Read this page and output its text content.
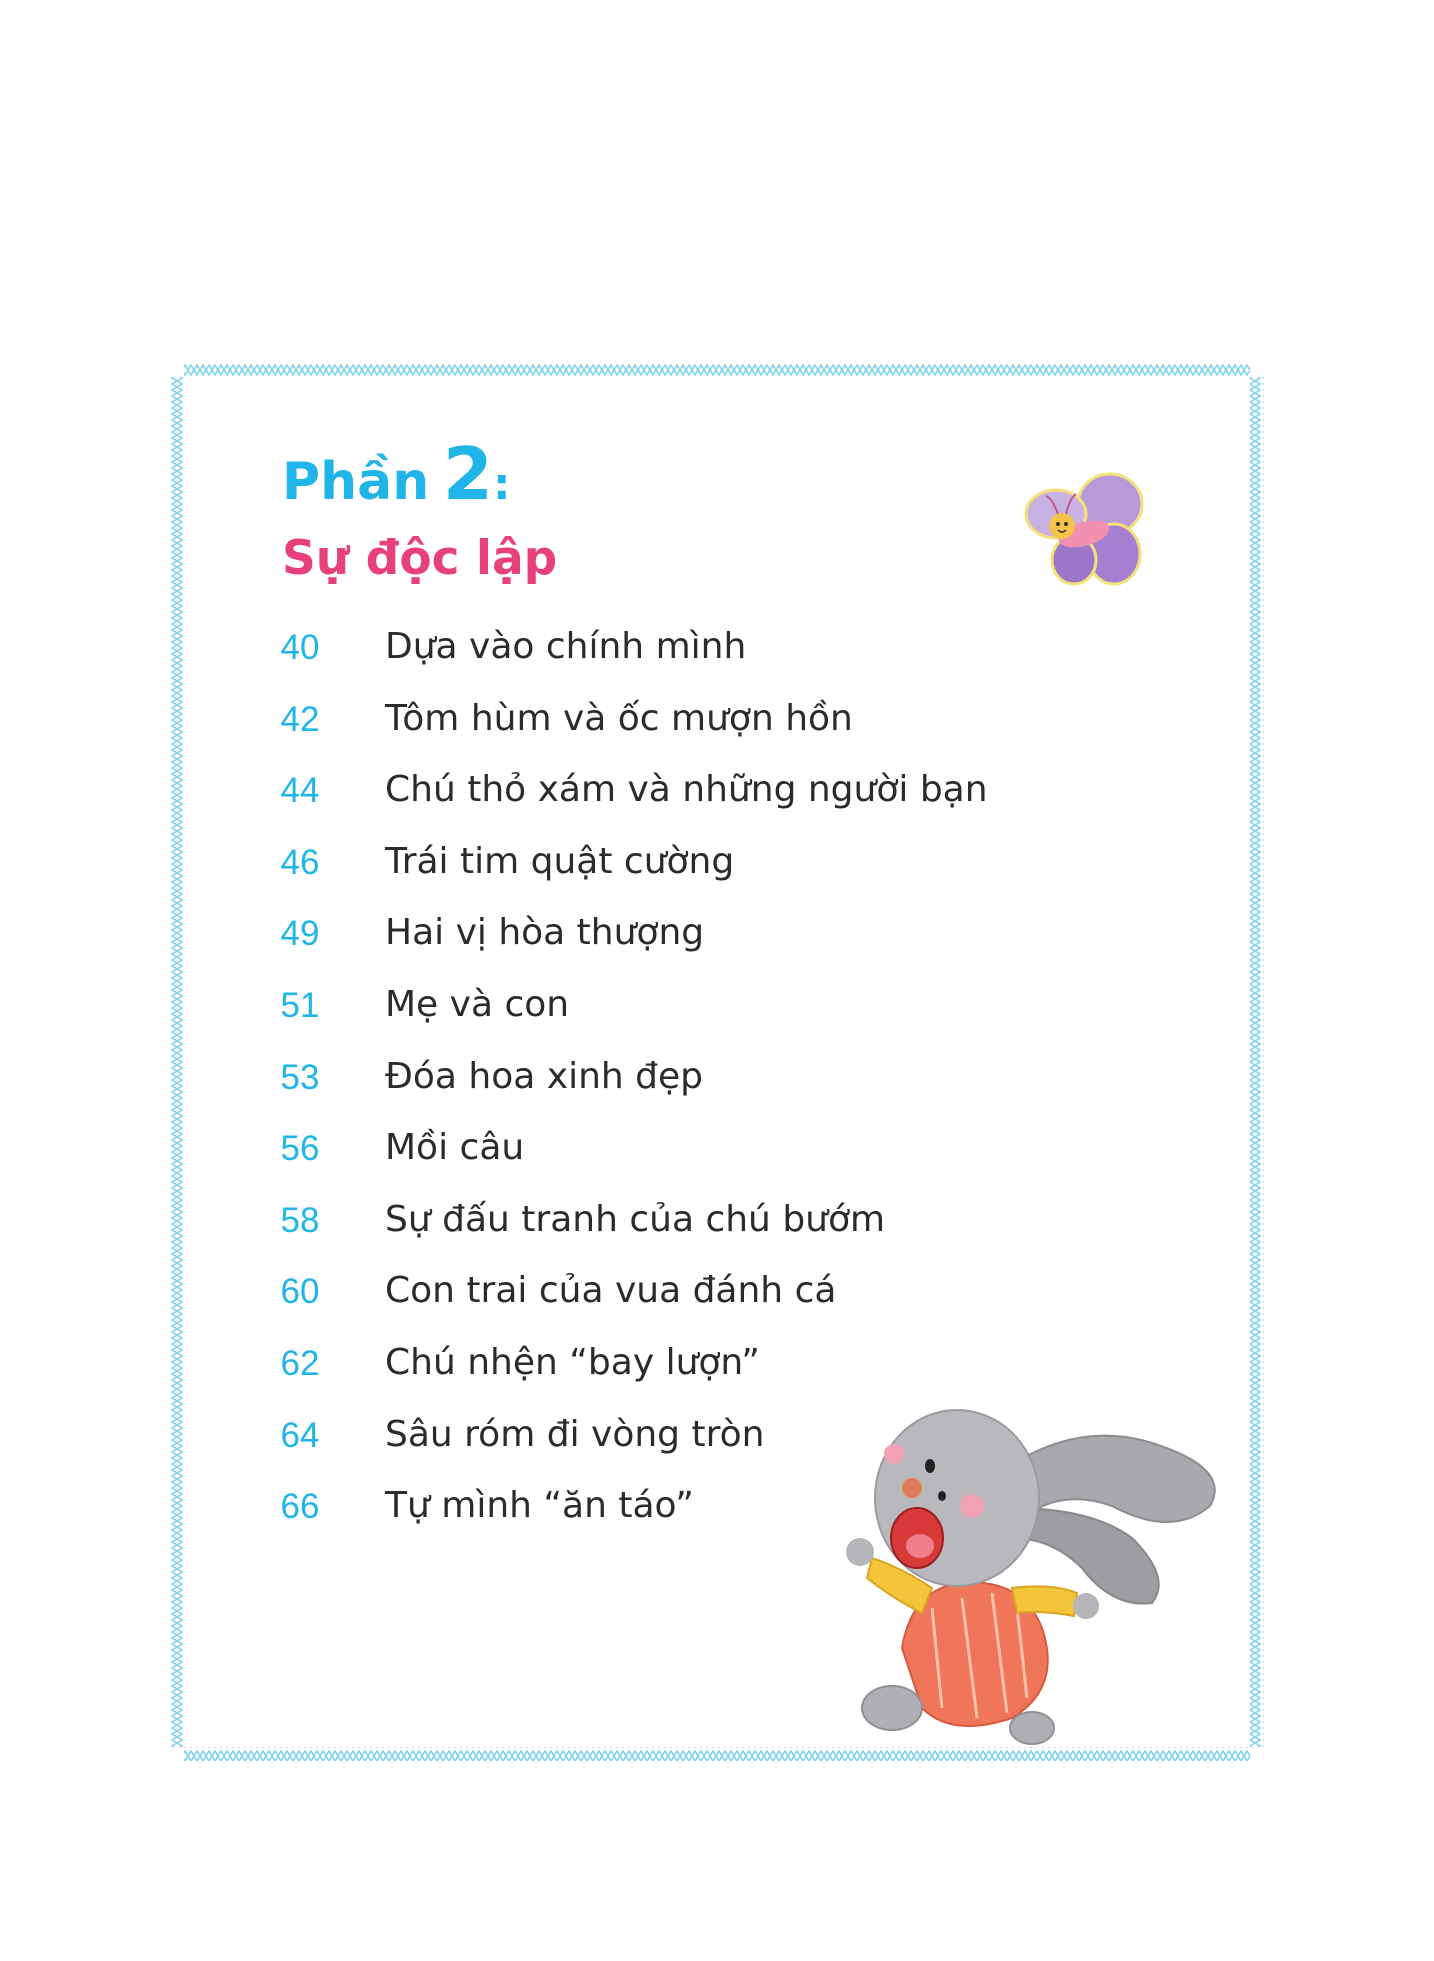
Phần 2:
Sự độc lập
40 Dựa vào chính mình
42 Tôm hùm và ốc mượn hồn
44 Chú thỏ xám và những người bạn
46 Trái tim quật cường
49 Hai vị hòa thượng
51 Mẹ và con
53 Đóa hoa xinh đẹp
56 Mồi câu
58 Sự đấu tranh của chú bướm
60 Con trai của vua đánh cá
62 Chú nhện “bay lượn”
64 Sâu róm đi vòng tròn
66 Tự mình “ăn táo”
